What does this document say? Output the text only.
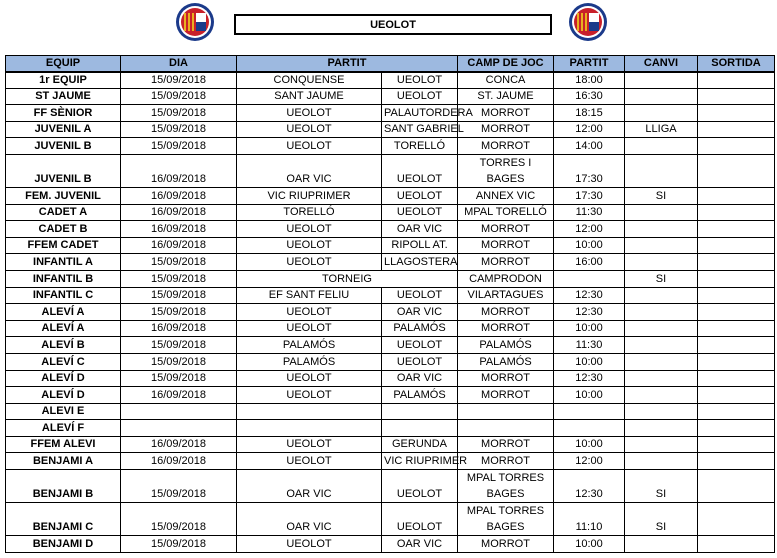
UEOLOT
EQUIP	DIA	PARTIT		CAMP DE JOC	PARTIT	CANVI	SORTIDA
1r EQUIP	15/09/2018	CONQUENSE	UEOLOT	CONCA	18:00		
ST JAUME	15/09/2018	SANT JAUME	UEOLOT	ST. JAUME	16:30		
FF SÈNIOR	15/09/2018	UEOLOT	PALAUTORDERA	MORROT	18:15		
JUVENIL A	15/09/2018	UEOLOT	SANT GABRIEL	MORROT	12:00	LLIGA	
JUVENIL B	15/09/2018	UEOLOT	TORELLÓ	MORROT	14:00		
JUVENIL B	16/09/2018	OAR VIC	UEOLOT	TORRES I BAGES	17:30		
FEM. JUVENIL	16/09/2018	VIC RIUPRIMER	UEOLOT	ANNEX VIC	17:30	SI	
CADET A	16/09/2018	TORELLÓ	UEOLOT	MPAL TORELLÓ	11:30		
CADET B	16/09/2018	UEOLOT	OAR VIC	MORROT	12:00		
FFEM CADET	16/09/2018	UEOLOT	RIPOLL AT.	MORROT	10:00		
INFANTIL A	15/09/2018	UEOLOT	LLAGOSTERA	MORROT	16:00		
INFANTIL B	15/09/2018	TORNEIG		CAMPRODON		SI	
INFANTIL C	15/09/2018	EF SANT FELIU	UEOLOT	VILARTAGUES	12:30		
ALEVÍ A	15/09/2018	UEOLOT	OAR VIC	MORROT	12:30		
ALEVÍ A	16/09/2018	UEOLOT	PALAMÓS	MORROT	10:00		
ALEVÍ B	15/09/2018	PALAMÓS	UEOLOT	PALAMÓS	11:30		
ALEVÍ C	15/09/2018	PALAMÓS	UEOLOT	PALAMÓS	10:00		
ALEVÍ D	15/09/2018	UEOLOT	OAR VIC	MORROT	12:30		
ALEVÍ D	16/09/2018	UEOLOT	PALAMÓS	MORROT	10:00		
ALEVI E							
ALEVÍ F							
FFEM ALEVI	16/09/2018	UEOLOT	GERUNDA	MORROT	10:00		
BENJAMI A	16/09/2018	UEOLOT	VIC RIUPRIMER	MORROT	12:00		
BENJAMI B	15/09/2018	OAR VIC	UEOLOT	MPAL TORRES BAGES	12:30	SI	
BENJAMI C	15/09/2018	OAR VIC	UEOLOT	MPAL TORRES BAGES	11:10	SI	
BENJAMI D	15/09/2018	UEOLOT	OAR VIC	MORROT	10:00		
